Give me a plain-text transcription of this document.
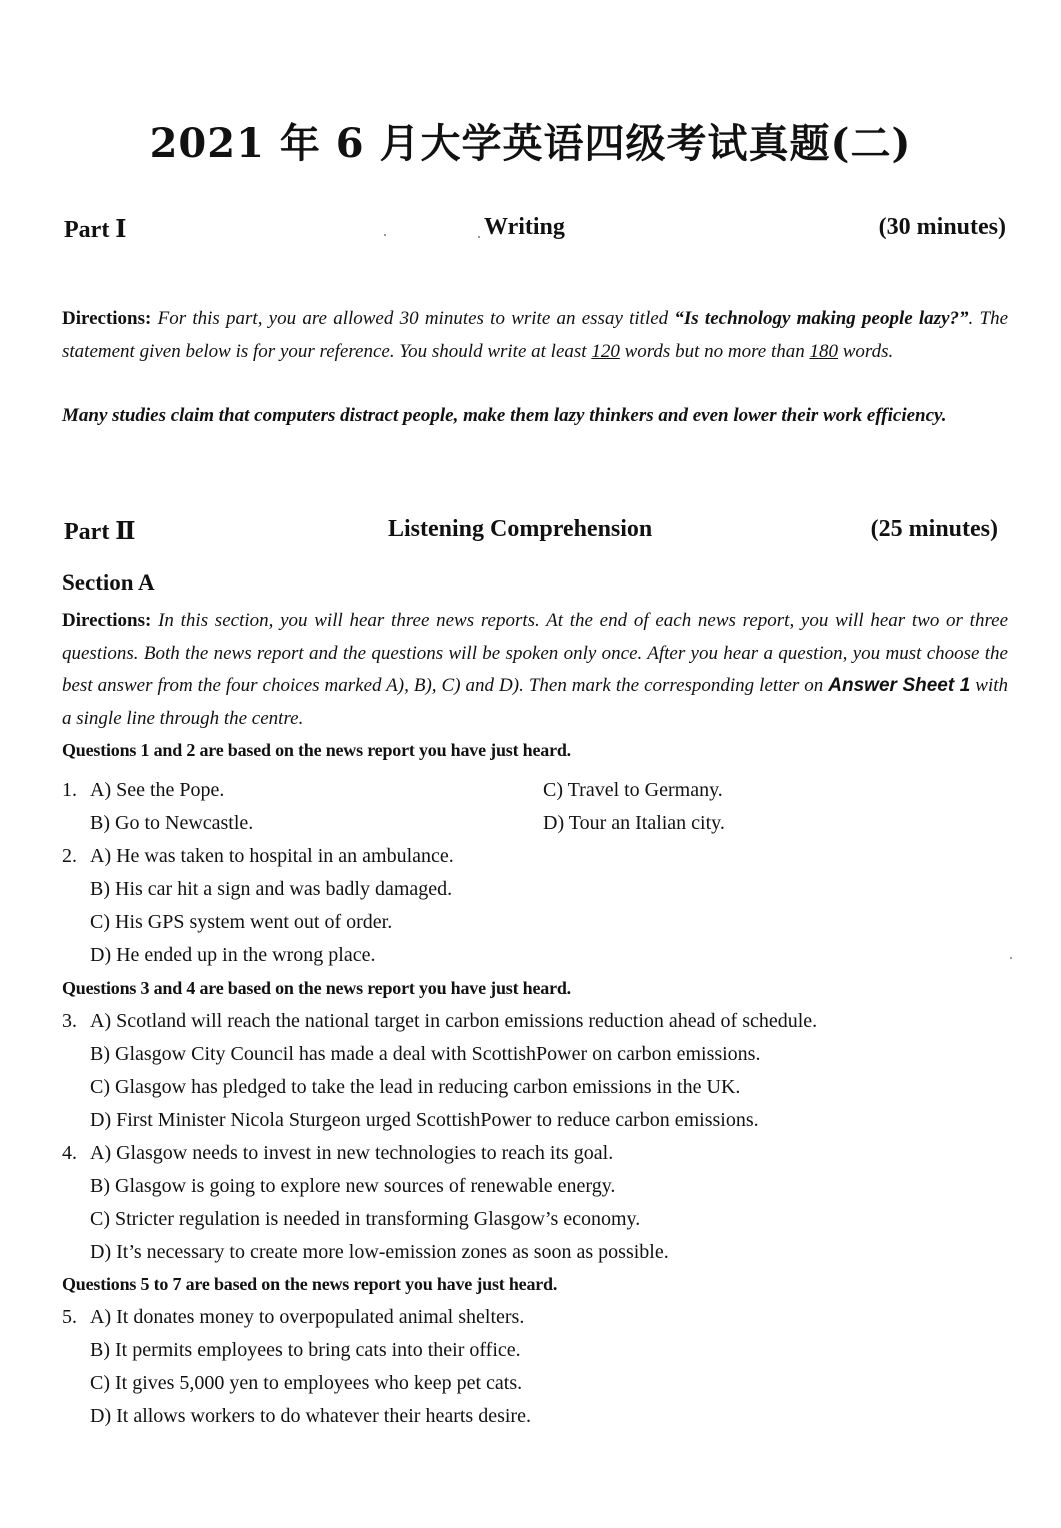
2021 年 6 月大学英语四级考试真题(二)
Part Ⅰ	Writing	(30 minutes)
Directions: For this part, you are allowed 30 minutes to write an essay titled “Is technology making people lazy?”. The statement given below is for your reference. You should write at least 120 words but no more than 180 words.
Many studies claim that computers distract people, make them lazy thinkers and even lower their work efficiency.
Part Ⅱ	Listening Comprehension	(25 minutes)
Section A
Directions: In this section, you will hear three news reports. At the end of each news report, you will hear two or three questions. Both the news report and the questions will be spoken only once. After you hear a question, you must choose the best answer from the four choices marked A), B), C) and D). Then mark the corresponding letter on Answer Sheet 1 with a single line through the centre.
Questions 1 and 2 are based on the news report you have just heard.
1. A) See the Pope.	C) Travel to Germany.
B) Go to Newcastle.	D) Tour an Italian city.
2. A) He was taken to hospital in an ambulance.
B) His car hit a sign and was badly damaged.
C) His GPS system went out of order.
D) He ended up in the wrong place.
Questions 3 and 4 are based on the news report you have just heard.
3. A) Scotland will reach the national target in carbon emissions reduction ahead of schedule.
B) Glasgow City Council has made a deal with ScottishPower on carbon emissions.
C) Glasgow has pledged to take the lead in reducing carbon emissions in the UK.
D) First Minister Nicola Sturgeon urged ScottishPower to reduce carbon emissions.
4. A) Glasgow needs to invest in new technologies to reach its goal.
B) Glasgow is going to explore new sources of renewable energy.
C) Stricter regulation is needed in transforming Glasgow’s economy.
D) It’s necessary to create more low-emission zones as soon as possible.
Questions 5 to 7 are based on the news report you have just heard.
5. A) It donates money to overpopulated animal shelters.
B) It permits employees to bring cats into their office.
C) It gives 5,000 yen to employees who keep pet cats.
D) It allows workers to do whatever their hearts desire.
